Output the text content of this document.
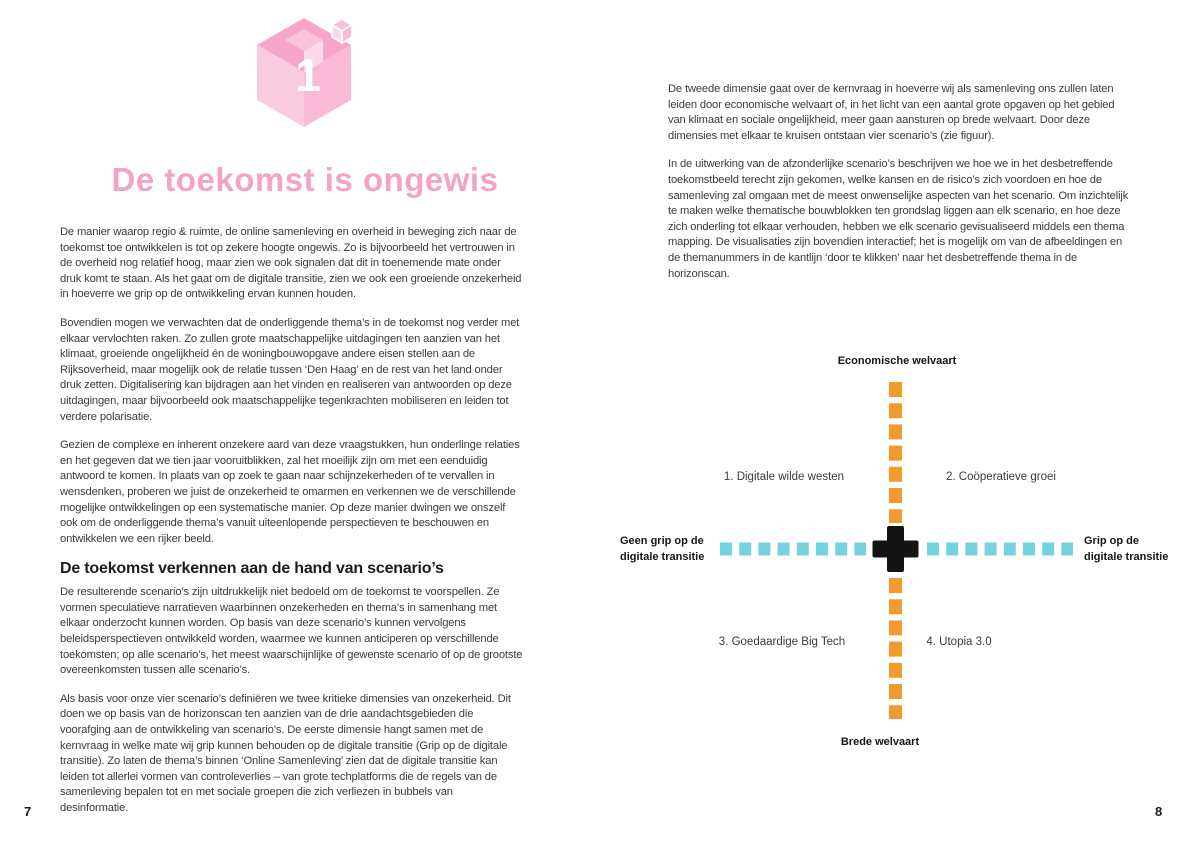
1
De toekomst is ongewis

De manier waarop regio & ruimte, de online samenleving en overheid in beweging zich naar de toekomst toe ontwikkelen is tot op zekere hoogte ongewis. Zo is bijvoorbeeld het vertrouwen in de overheid nog relatief hoog, maar zien we ook signalen dat dit in toenemende mate onder druk komt te staan. Als het gaat om de digitale transitie, zien we ook een groeiende onzekerheid in hoeverre we grip op de ontwikkeling ervan kunnen houden.

Bovendien mogen we verwachten dat de onderliggende thema’s in de toekomst nog verder met elkaar vervlochten raken. Zo zullen grote maatschappelijke uitdagingen ten aanzien van het klimaat, groeiende ongelijkheid én de woningbouwopgave andere eisen stellen aan de Rijksoverheid, maar mogelijk ook de relatie tussen ‘Den Haag’ en de rest van het land onder druk zetten. Digitalisering kan bijdragen aan het vinden en realiseren van antwoorden op deze uitdagingen, maar bijvoorbeeld ook maatschappelijke tegenkrachten mobiliseren en leiden tot verdere polarisatie.

Gezien de complexe en inherent onzekere aard van deze vraagstukken, hun onderlinge relaties en het gegeven dat we tien jaar vooruitblikken, zal het moeilijk zijn om met een eenduidig antwoord te komen. In plaats van op zoek te gaan naar schijnzekerheden of te vervallen in wensdenken, proberen we juist de onzekerheid te omarmen en verkennen we de verschillende mogelijke ontwikkelingen op een systematische manier. Op deze manier dwingen we onszelf ook om de onderliggende thema’s vanuit uiteenlopende perspectieven te beschouwen en ontwikkelen we een rijker beeld.

De toekomst verkennen aan de hand van scenario’s

De resulterende scenario’s zijn uitdrukkelijk niet bedoeld om de toekomst te voorspellen. Ze vormen speculatieve narratieven waarbinnen onzekerheden en thema’s in samenhang met elkaar onderzocht kunnen worden. Op basis van deze scenario’s kunnen vervolgens beleidsperspectieven ontwikkeld worden, waarmee we kunnen anticiperen op verschillende toekomsten; op alle scenario’s, het meest waarschijnlijke of gewenste scenario of op de grootste overeenkomsten tussen alle scenario’s.

Als basis voor onze vier scenario’s definiëren we twee kritieke dimensies van onzekerheid. Dit doen we op basis van de horizonscan ten aanzien van de drie aandachtsgebieden die voorafging aan de ontwikkeling van scenario’s. De eerste dimensie hangt samen met de kernvraag in welke mate wij grip kunnen behouden op de digitale transitie (Grip op de digitale transitie). Zo laten de thema’s binnen ‘Online Samenleving’ zien dat de digitale transitie kan leiden tot allerlei vormen van controleverlies – van grote techplatforms die de regels van de samenleving bepalen tot en met sociale groepen die zich verliezen in bubbels van desinformatie.

7

De tweede dimensie gaat over de kernvraag in hoeverre wij als samenleving ons zullen laten leiden door economische welvaart of, in het licht van een aantal grote opgaven op het gebied van klimaat en sociale ongelijkheid, meer gaan aansturen op brede welvaart. Door deze dimensies met elkaar te kruisen ontstaan vier scenario’s (zie figuur).

In de uitwerking van de afzonderlijke scenario’s beschrijven we hoe we in het desbetreffende toekomstbeeld terecht zijn gekomen, welke kansen en de risico’s zich voordoen en hoe de samenleving zal omgaan met de meest onwenselijke aspecten van het scenario. Om inzichtelijk te maken welke thematische bouwblokken ten grondslag liggen aan elk scenario, en hoe deze zich onderling tot elkaar verhouden, hebben we elk scenario gevisualiseerd middels een thema mapping. De visualisaties zijn bovendien interactief; het is mogelijk om van de afbeeldingen en de themanummers in de kantlijn ‘door te klikken’ naar het desbetreffende thema in de horizonscan.

Economische welvaart
Brede welvaart
Geen grip op de
digitale transitie
Grip op de
digitale transitie
1. Digitale wilde westen	2. Coöperatieve groei
3. Goedaardige Big Tech	4. Utopia 3.0
8
